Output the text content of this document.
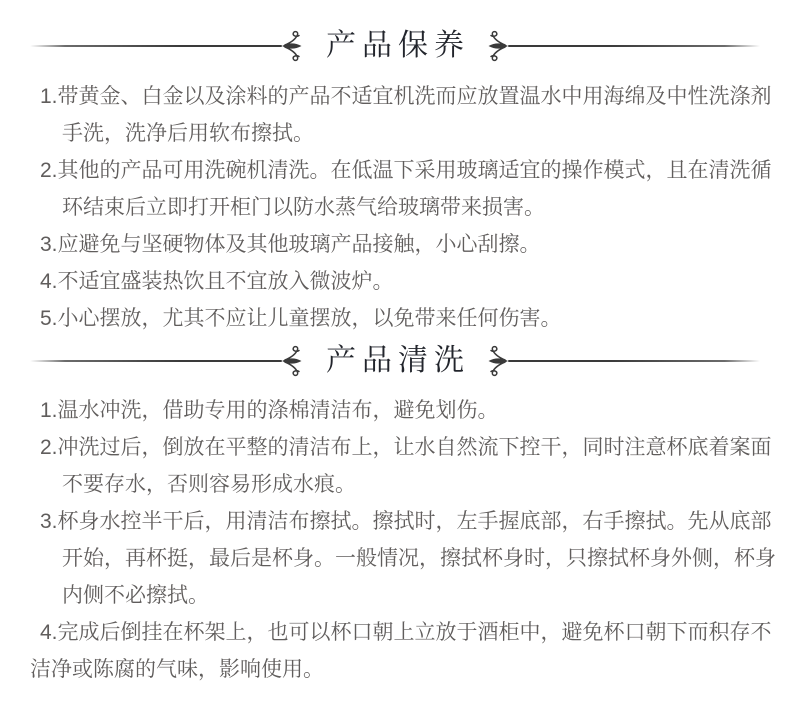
产品保养
1.带黄金、白金以及涂料的产品不适宜机洗而应放置温水中用海绵及中性洗涤剂
手洗，洗净后用软布擦拭。
2.其他的产品可用洗碗机清洗。在低温下采用玻璃适宜的操作模式，且在清洗循
环结束后立即打开柜门以防水蒸气给玻璃带来损害。
3.应避免与坚硬物体及其他玻璃产品接触，小心刮擦。
4.不适宜盛装热饮且不宜放入微波炉。
5.小心摆放，尤其不应让儿童摆放，以免带来任何伤害。
产品清洗
1.温水冲洗，借助专用的涤棉清洁布，避免划伤。
2.冲洗过后，倒放在平整的清洁布上，让水自然流下控干，同时注意杯底着案面
不要存水，否则容易形成水痕。
3.杯身水控半干后，用清洁布擦拭。擦拭时，左手握底部，右手擦拭。先从底部
开始，再杯挺，最后是杯身。一般情况，擦拭杯身时，只擦拭杯身外侧，杯身
内侧不必擦拭。
4.完成后倒挂在杯架上，也可以杯口朝上立放于酒柜中，避免杯口朝下而积存不
洁净或陈腐的气味，影响使用。
